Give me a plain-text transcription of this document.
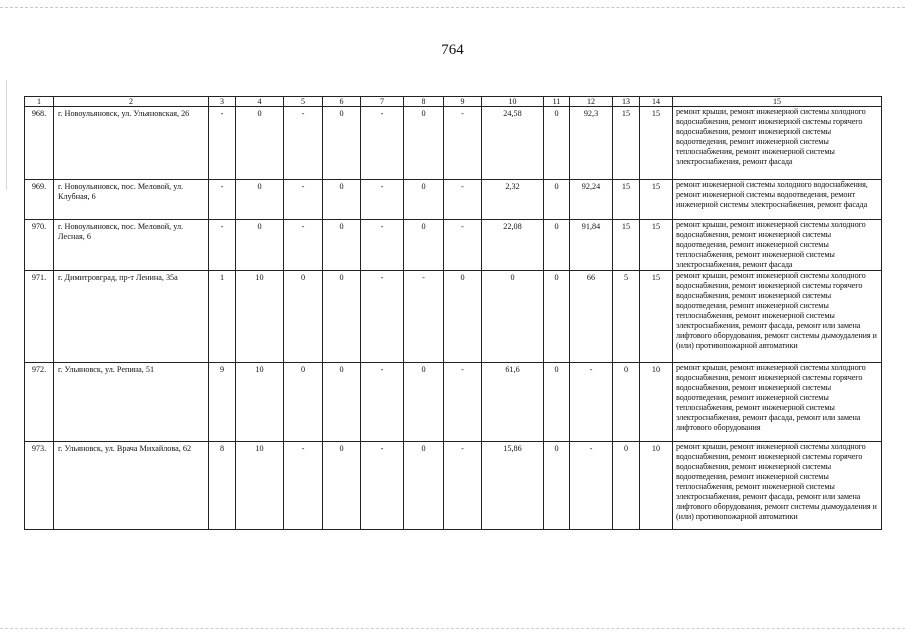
764
1	2	3	4	5	6	7	8	9	10	11	12	13	14	15
968.	г. Новоульяновск, ул. Ульяновская, 26	-	0	-	0	-	0	-	24,58	0	92,3	15	15	ремонт крыши, ремонт инженерной системы холодного водоснабжения, ремонт инженерной системы горячего водоснабжения, ремонт инженерной системы водоотведения, ремонт инженерной системы теплоснабжения, ремонт инженерной системы электроснабжения, ремонт фасада
969.	г. Новоульяновск, пос. Меловой, ул. Клубная, 6	-	0	-	0	-	0	-	2,32	0	92,24	15	15	ремонт инженерной системы холодного водоснабжения, ремонт инженерной системы водоотведения, ремонт инженерной системы электроснабжения, ремонт фасада
970.	г. Новоульяновск, пос. Меловой, ул. Лесная, 6	-	0	-	0	-	0	-	22,08	0	91,84	15	15	ремонт крыши, ремонт инженерной системы холодного водоснабжения, ремонт инженерной системы водоотведения, ремонт инженерной системы теплоснабжения, ремонт инженерной системы электроснабжения, ремонт фасада
971.	г. Димитровград, пр-т Ленина, 35а	1	10	0	0	-	-	0	0	0	66	5	15	ремонт крыши, ремонт инженерной системы холодного водоснабжения, ремонт инженерной системы горячего водоснабжения, ремонт инженерной системы водоотведения, ремонт инженерной системы теплоснабжения, ремонт инженерной системы электроснабжения, ремонт фасада, ремонт или замена лифтового оборудования, ремонт системы дымоудаления и (или) противопожарной автоматики
972.	г. Ульяновск, ул. Репина, 51	9	10	0	0	-	0	-	61,6	0	-	0	10	ремонт крыши, ремонт инженерной системы холодного водоснабжения, ремонт инженерной системы горячего водоснабжения, ремонт инженерной системы водоотведения, ремонт инженерной системы теплоснабжения, ремонт инженерной системы электроснабжения, ремонт фасада, ремонт или замена лифтового оборудования
973.	г. Ульяновск, ул. Врача Михайлова, 62	8	10	-	0	-	0	-	15,86	0	-	0	10	ремонт крыши, ремонт инженерной системы холодного водоснабжения, ремонт инженерной системы горячего водоснабжения, ремонт инженерной системы водоотведения, ремонт инженерной системы теплоснабжения, ремонт инженерной системы электроснабжения, ремонт фасада, ремонт или замена лифтового оборудования, ремонт системы дымоудаления и (или) противопожарной автоматики
